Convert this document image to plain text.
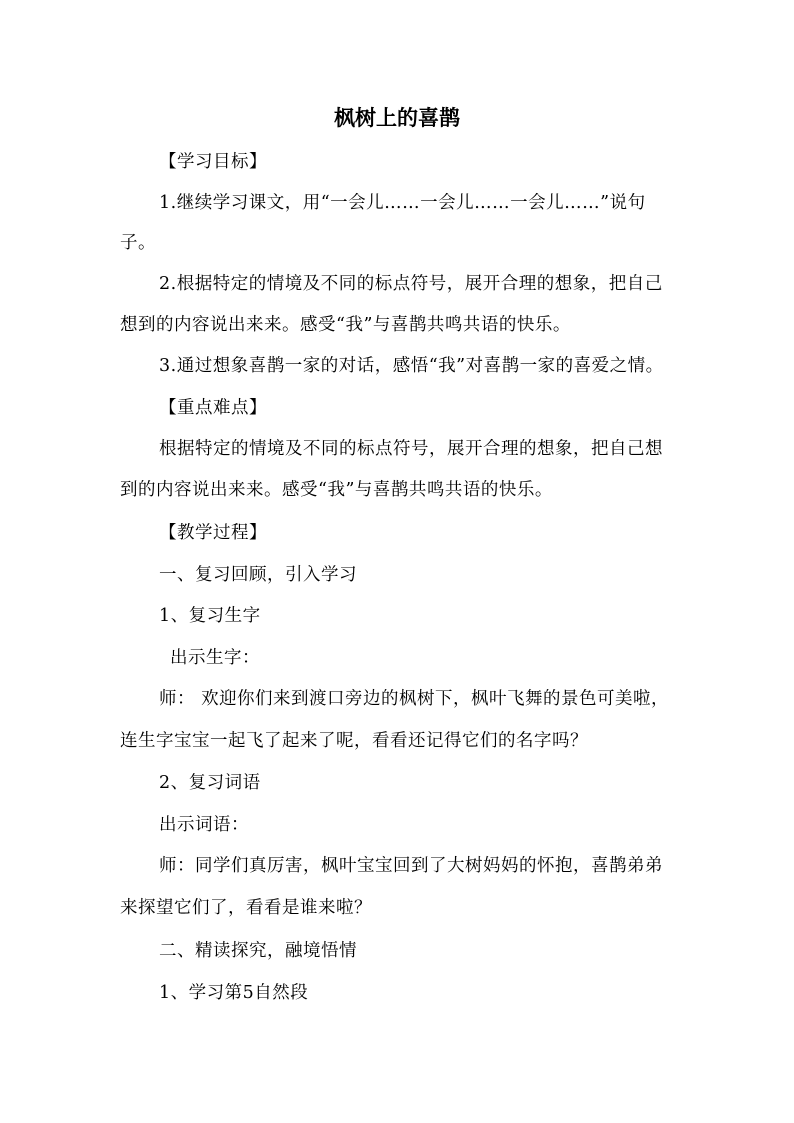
枫树上的喜鹊
【学习目标】
1.继续学习课文，用“一会儿……一会儿……一会儿……”说句
子。
2.根据特定的情境及不同的标点符号，展开合理的想象，把自己
想到的内容说出来来。感受“我”与喜鹊共鸣共语的快乐。
3.通过想象喜鹊一家的对话，感悟“我”对喜鹊一家的喜爱之情。
【重点难点】
根据特定的情境及不同的标点符号，展开合理的想象，把自己想
到的内容说出来来。感受“我”与喜鹊共鸣共语的快乐。
【教学过程】
一、复习回顾，引入学习
1、复习生字
出示生字：
师： 欢迎你们来到渡口旁边的枫树下，枫叶飞舞的景色可美啦，
连生字宝宝一起飞了起来了呢，看看还记得它们的名字吗？
2、复习词语
出示词语：
师：同学们真厉害，枫叶宝宝回到了大树妈妈的怀抱，喜鹊弟弟
来探望它们了，看看是谁来啦？
二、精读探究，融境悟情
1、学习第5自然段
